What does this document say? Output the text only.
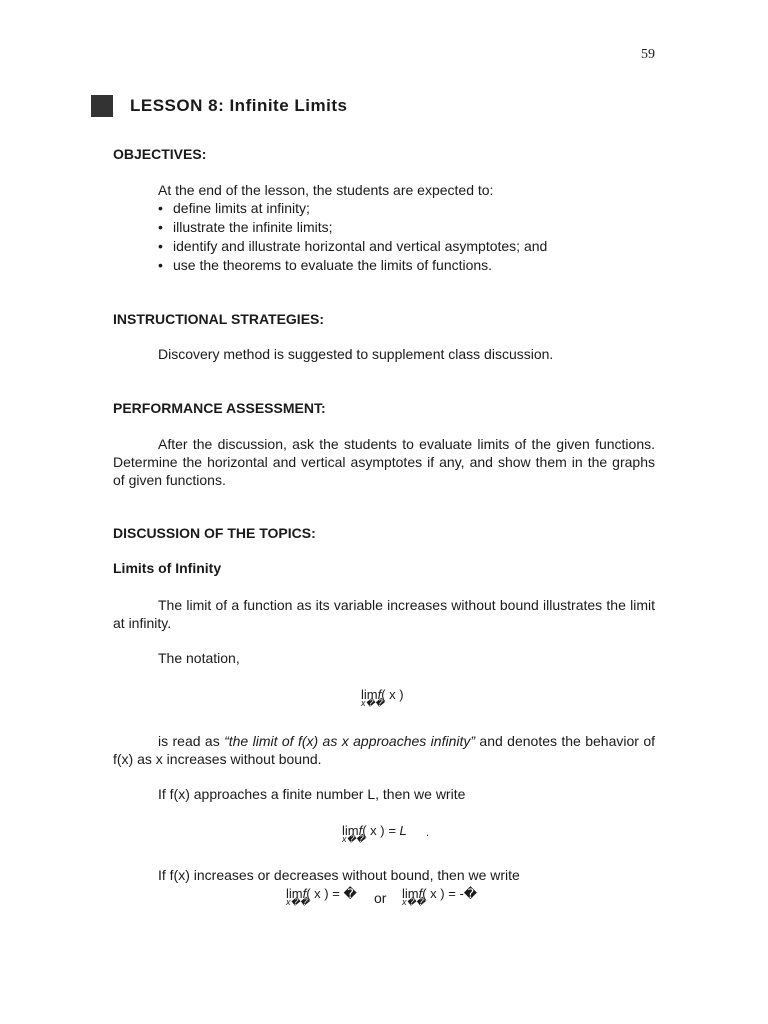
59
LESSON 8: Infinite Limits
OBJECTIVES:
At the end of the lesson, the students are expected to:
• define limits at infinity;
• illustrate the infinite limits;
• identify and illustrate horizontal and vertical asymptotes; and
• use the theorems to evaluate the limits of functions.
INSTRUCTIONAL STRATEGIES:
Discovery method is suggested to supplement class discussion.
PERFORMANCE ASSESSMENT:

After the discussion, ask the students to evaluate limits of the given functions. Determine the horizontal and vertical asymptotes if any, and show them in the graphs of given functions.

DISCUSSION OF THE TOPICS:
Limits of Infinity

The limit of a function as its variable increases without bound illustrates the limit at infinity.

The notation,
lim
x��
f( x )

is read as “the limit of f(x) as x approaches infinity” and denotes the behavior of f(x) as x increases without bound.

If f(x) approaches a finite number L, then we write
lim
x��
f( x ) = L .
If f(x) increases or decreases without bound, then we write
lim
x��
f( x ) = � or lim
x��
f( x ) = -�
